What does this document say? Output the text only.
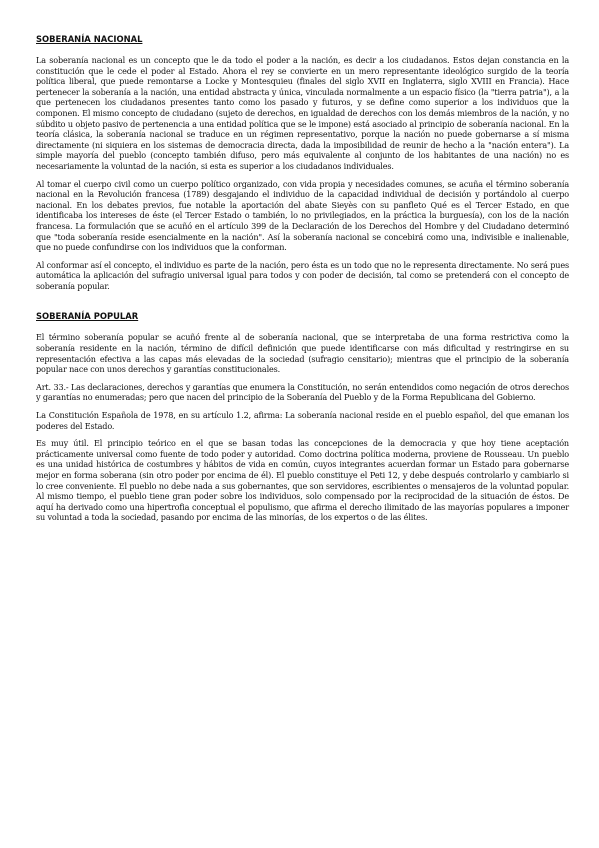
SOBERANÍA NACIONAL

La soberanía nacional es un concepto que le da todo el poder a la nación, es decir a los ciudadanos. Estos dejan constancia en la constitución que le cede el poder al Estado. Ahora el rey se convierte en un mero representante ideológico surgido de la teoría política liberal, que puede remontarse a Locke y Montesquieu (finales del siglo XVII en Inglaterra, siglo XVIII en Francia). Hace pertenecer la soberanía a la nación, una entidad abstracta y única, vinculada normalmente a un espacio físico (la "tierra patria"), a la que pertenecen los ciudadanos presentes tanto como los pasado y futuros, y se define como superior a los individuos que la componen. El mismo concepto de ciudadano (sujeto de derechos, en igualdad de derechos con los demás miembros de la nación, y no súbdito u objeto pasivo de pertenencia a una entidad política que se le impone) está asociado al principio de soberanía nacional. En la teoría clásica, la soberanía nacional se traduce en un régimen representativo, porque la nación no puede gobernarse a sí misma directamente (ni siquiera en los sistemas de democracia directa, dada la imposibilidad de reunir de hecho a la "nación entera"). La simple mayoría del pueblo (concepto también difuso, pero más equivalente al conjunto de los habitantes de una nación) no es necesariamente la voluntad de la nación, si esta es superior a los ciudadanos individuales.

Al tomar el cuerpo civil como un cuerpo político organizado, con vida propia y necesidades comunes, se acuña el término soberanía nacional en la Revolución francesa (1789) desgajando el individuo de la capacidad individual de decisión y portándolo al cuerpo nacional. En los debates previos, fue notable la aportación del abate Sieyès con su panfleto Qué es el Tercer Estado, en que identificaba los intereses de éste (el Tercer Estado o también, lo no privilegiados, en la práctica la burguesía), con los de la nación francesa. La formulación que se acuñó en el artículo 399 de la Declaración de los Derechos del Hombre y del Ciudadano determinó que "toda soberanía reside esencialmente en la nación". Así la soberanía nacional se concebirá como una, indivisible e inalienable, que no puede confundirse con los individuos que la conforman.

Al conformar así el concepto, el individuo es parte de la nación, pero ésta es un todo que no le representa directamente. No será pues automática la aplicación del sufragio universal igual para todos y con poder de decisión, tal como se pretenderá con el concepto de soberanía popular.

SOBERANÍA POPULAR

El término soberanía popular se acuñó frente al de soberanía nacional, que se interpretaba de una forma restrictiva como la soberanía residente en la nación, término de difícil definición que puede identificarse con más dificultad y restringirse en su representación efectiva a las capas más elevadas de la sociedad (sufragio censitario); mientras que el principio de la soberanía popular nace con unos derechos y garantías constitucionales.

Art. 33.- Las declaraciones, derechos y garantías que enumera la Constitución, no serán entendidos como negación de otros derechos y garantías no enumeradas; pero que nacen del principio de la Soberanía del Pueblo y de la Forma Republicana del Gobierno.

La Constitución Española de 1978, en su artículo 1.2, afirma: La soberanía nacional reside en el pueblo español, del que emanan los poderes del Estado.

Es muy útil. El principio teórico en el que se basan todas las concepciones de la democracia y que hoy tiene aceptación prácticamente universal como fuente de todo poder y autoridad. Como doctrina política moderna, proviene de Rousseau. Un pueblo es una unidad histórica de costumbres y hábitos de vida en común, cuyos integrantes acuerdan formar un Estado para gobernarse mejor en forma soberana (sin otro poder por encima de él). El pueblo constituye el Peti 12, y debe después controlarlo y cambiarlo si lo cree conveniente. El pueblo no debe nada a sus gobernantes, que son servidores, escribientes o mensajeros de la voluntad popular. Al mismo tiempo, el pueblo tiene gran poder sobre los individuos, solo compensado por la reciprocidad de la situación de éstos. De aquí ha derivado como una hipertrofia conceptual el populismo, que afirma el derecho ilimitado de las mayorías populares a imponer su voluntad a toda la sociedad, pasando por encima de las minorías, de los expertos o de las élites.
